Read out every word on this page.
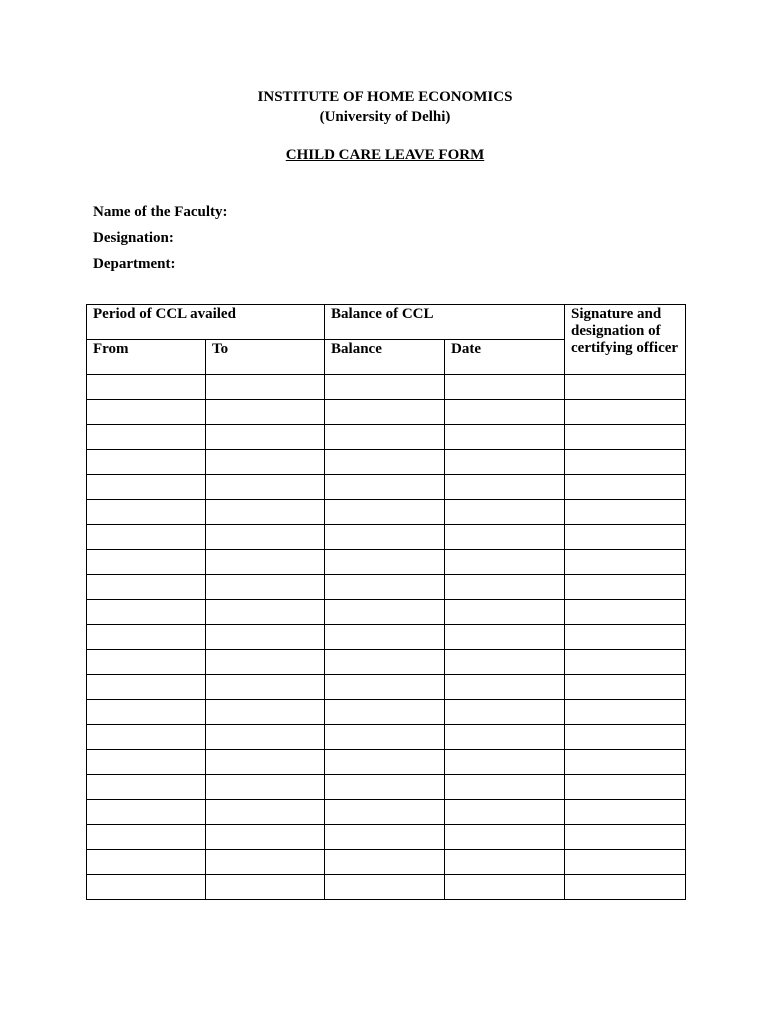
INSTITUTE OF HOME ECONOMICS
(University of Delhi)
CHILD CARE LEAVE FORM
Name of the Faculty:
Designation:
Department:
Period of CCL availed		Balance of CCL		Signature and designation of certifying officer
From	To	Balance	Date	
